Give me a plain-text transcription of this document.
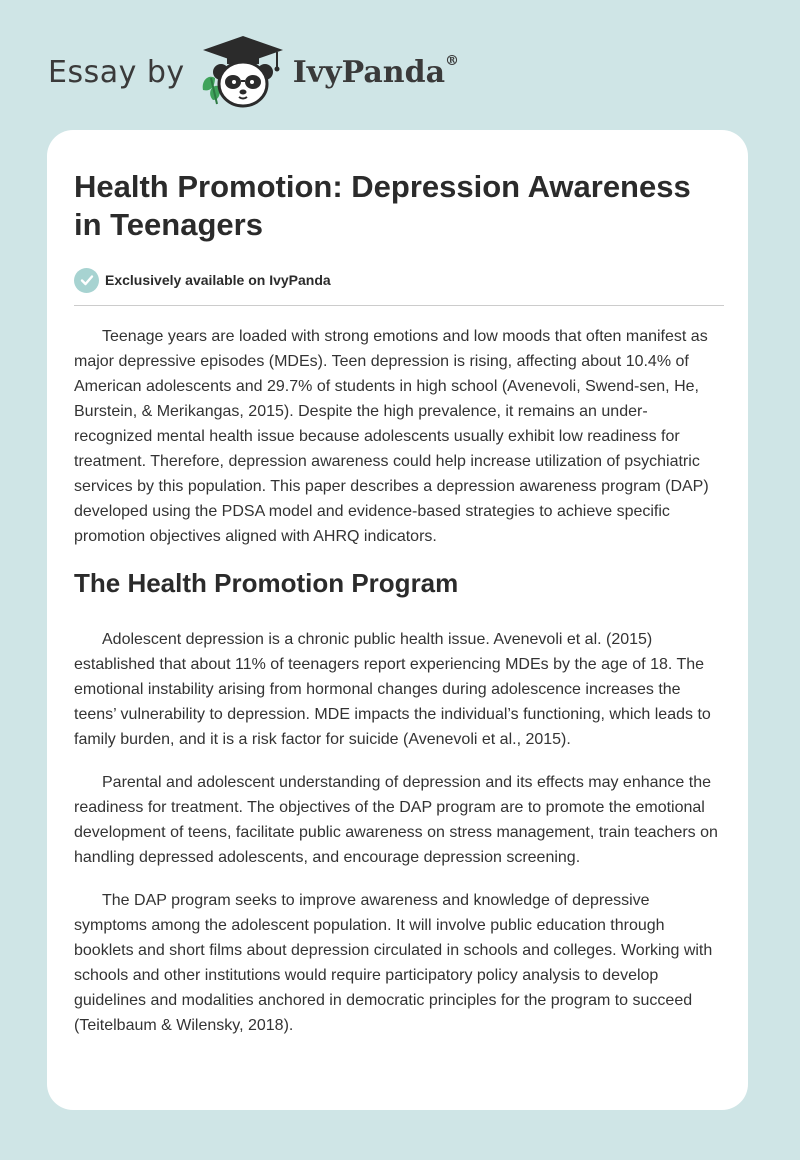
Essay by	IvyPanda®
Health Promotion: Depression Awareness in Teenagers
Exclusively available on IvyPanda

Teenage years are loaded with strong emotions and low moods that often manifest as major depressive episodes (MDEs). Teen depression is rising, affecting about 10.4% of American adolescents and 29.7% of students in high school (Avenevoli, Swend-sen, He, Burstein, & Merikangas, 2015). Despite the high prevalence, it remains an under-recognized mental health issue because adolescents usually exhibit low readiness for treatment. Therefore, depression awareness could help increase utilization of psychiatric services by this population. This paper describes a depression awareness program (DAP) developed using the PDSA model and evidence-based strategies to achieve specific promotion objectives aligned with AHRQ indicators.

The Health Promotion Program

Adolescent depression is a chronic public health issue. Avenevoli et al. (2015) established that about 11% of teenagers report experiencing MDEs by the age of 18. The emotional instability arising from hormonal changes during adolescence increases the teens’ vulnerability to depression. MDE impacts the individual’s functioning, which leads to family burden, and it is a risk factor for suicide (Avenevoli et al., 2015).

Parental and adolescent understanding of depression and its effects may enhance the readiness for treatment. The objectives of the DAP program are to promote the emotional development of teens, facilitate public awareness on stress management, train teachers on handling depressed adolescents, and encourage depression screening.

The DAP program seeks to improve awareness and knowledge of depressive symptoms among the adolescent population. It will involve public education through booklets and short films about depression circulated in schools and colleges. Working with schools and other institutions would require participatory policy analysis to develop guidelines and modalities anchored in democratic principles for the program to succeed (Teitelbaum & Wilensky, 2018).
